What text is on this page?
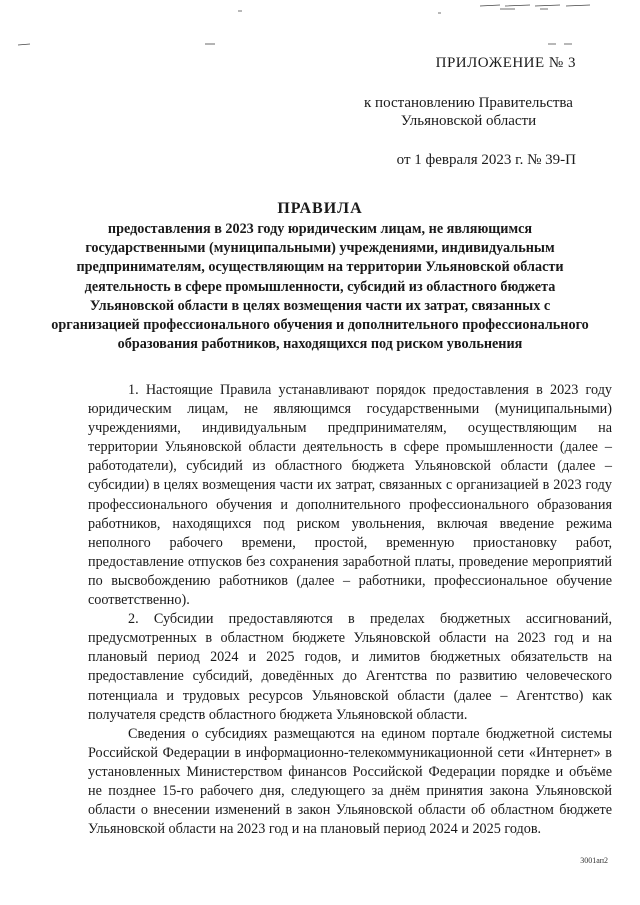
ПРИЛОЖЕНИЕ № 3
к постановлению Правительства
Ульяновской области
от 1 февраля 2023 г. № 39-П
ПРАВИЛА
предоставления в 2023 году юридическим лицам, не являющимся государственными (муниципальными) учреждениями, индивидуальным предпринимателям, осуществляющим на территории Ульяновской области деятельность в сфере промышленности, субсидий из областного бюджета Ульяновской области в целях возмещения части их затрат, связанных с организацией профессионального обучения и дополнительного профессионального образования работников, находящихся под риском увольнения

1. Настоящие Правила устанавливают порядок предоставления в 2023 году юридическим лицам, не являющимся государственными (муниципальными) учреждениями, индивидуальным предпринимателям, осуществляющим на территории Ульяновской области деятельность в сфере промышленности (далее – работодатели), субсидий из областного бюджета Ульяновской области (далее – субсидии) в целях возмещения части их затрат, связанных с организацией в 2023 году профессионального обучения и дополнительного профессионального образования работников, находящихся под риском увольнения, включая введение режима неполного рабочего времени, простой, временную приостановку работ, предоставление отпусков без сохранения заработной платы, проведение мероприятий по высвобождению работников (далее – работники, профессиональное обучение соответственно).

2. Субсидии предоставляются в пределах бюджетных ассигнований, предусмотренных в областном бюджете Ульяновской области на 2023 год и на плановый период 2024 и 2025 годов, и лимитов бюджетных обязательств на предоставление субсидий, доведённых до Агентства по развитию человеческого потенциала и трудовых ресурсов Ульяновской области (далее – Агентство) как получателя средств областного бюджета Ульяновской области.

Сведения о субсидиях размещаются на едином портале бюджетной системы Российской Федерации в информационно-телекоммуникационной сети «Интернет» в установленных Министерством финансов Российской Федерации порядке и объёме не позднее 15-го рабочего дня, следующего за днём принятия закона Ульяновской области о внесении изменений в закон Ульяновской области об областном бюджете Ульяновской области на 2023 год и на плановый период 2024 и 2025 годов.

3001ап2
